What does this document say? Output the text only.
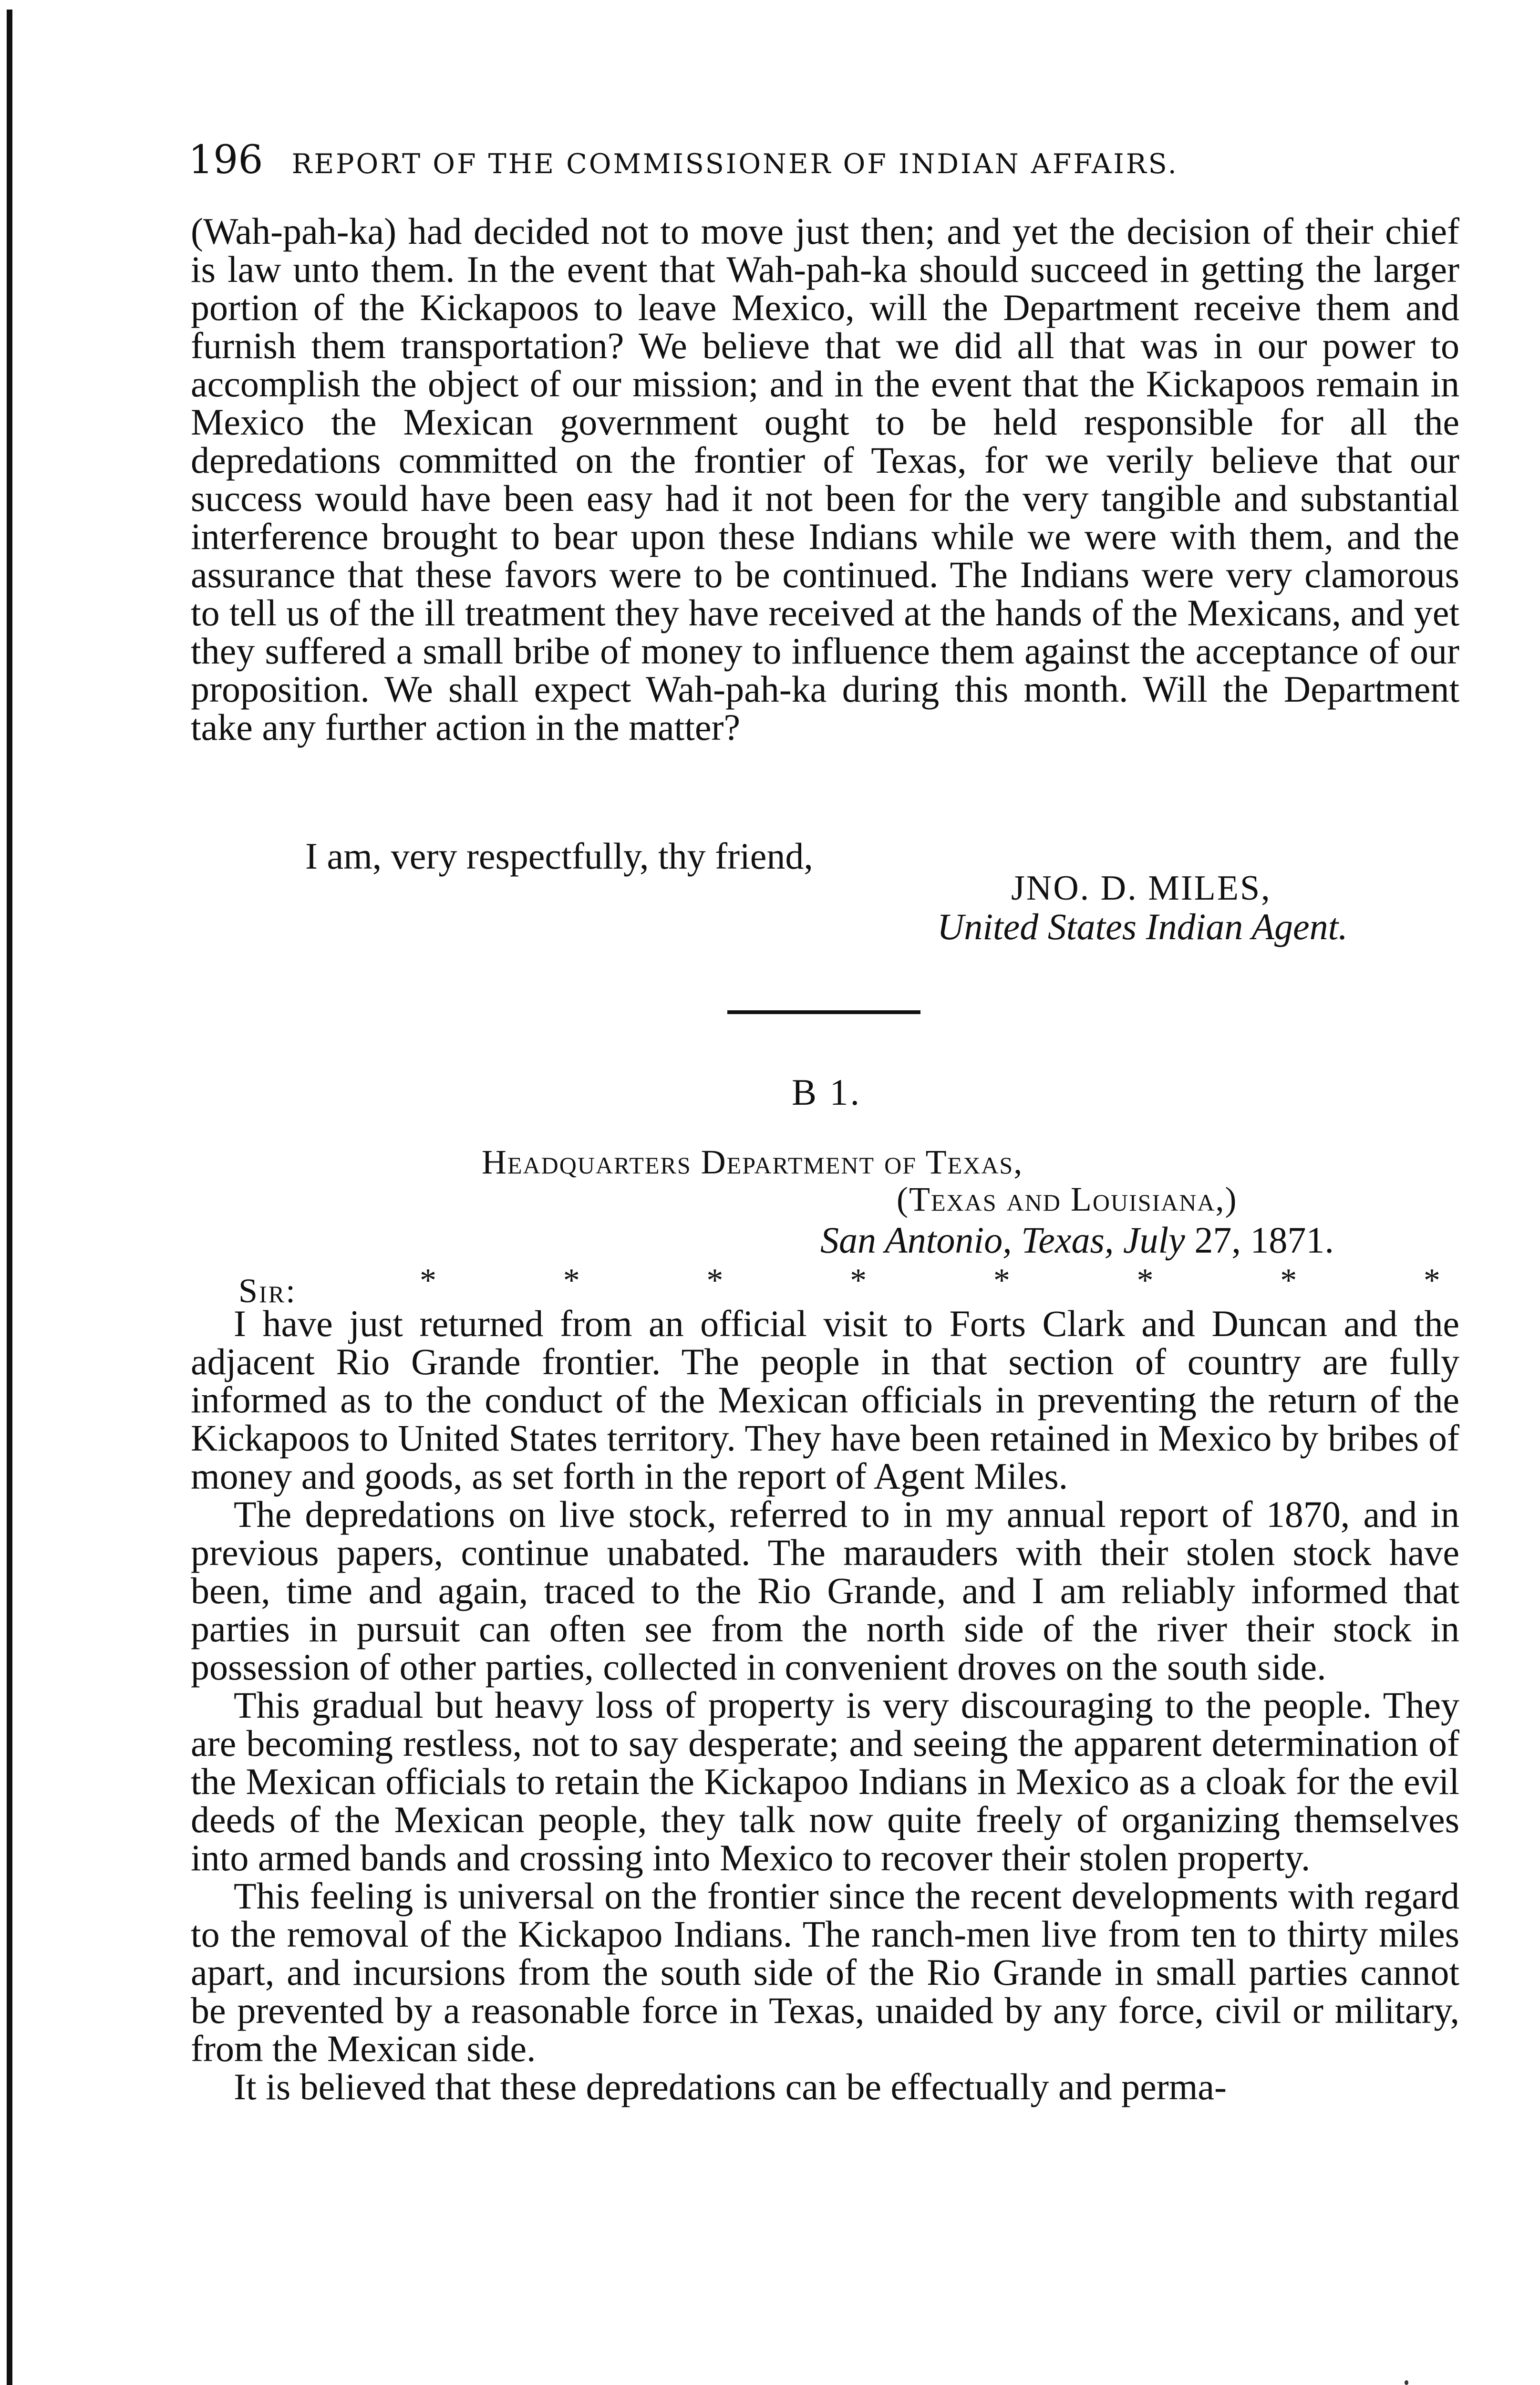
196 REPORT OF THE COMMISSIONER OF INDIAN AFFAIRS.

(Wah-pah-ka) had decided not to move just then; and yet the decision of their chief is law unto them. In the event that Wah-pah-ka should succeed in getting the larger portion of the Kickapoos to leave Mexico, will the Department receive them and furnish them transportation? We believe that we did all that was in our power to accomplish the object of our mission; and in the event that the Kickapoos remain in Mexico the Mexican government ought to be held responsible for all the depredations committed on the frontier of Texas, for we verily believe that our success would have been easy had it not been for the very tangible and substantial interference brought to bear upon these Indians while we were with them, and the assurance that these favors were to be continued. The Indians were very clamorous to tell us of the ill treatment they have received at the hands of the Mexicans, and yet they suffered a small bribe of money to influence them against the acceptance of our proposition. We shall expect Wah-pah-ka during this month. Will the Department take any further action in the matter?

I am, very respectfully, thy friend,
JNO. D. MILES,
United States Indian Agent.
B 1.
Headquarters Department of Texas,
(Texas and Louisiana,)
San Antonio, Texas, July 27, 1871.
Sir:	*	*	*	*	*	*	*	*

I have just returned from an official visit to Forts Clark and Duncan and the adjacent Rio Grande frontier. The people in that section of country are fully informed as to the conduct of the Mexican officials in preventing the return of the Kickapoos to United States territory. They have been retained in Mexico by bribes of money and goods, as set forth in the report of Agent Miles.

The depredations on live stock, referred to in my annual report of 1870, and in previous papers, continue unabated. The marauders with their stolen stock have been, time and again, traced to the Rio Grande, and I am reliably informed that parties in pursuit can often see from the north side of the river their stock in possession of other parties, collected in convenient droves on the south side.

This gradual but heavy loss of property is very discouraging to the people. They are becoming restless, not to say desperate; and seeing the apparent determination of the Mexican officials to retain the Kickapoo Indians in Mexico as a cloak for the evil deeds of the Mexican people, they talk now quite freely of organizing themselves into armed bands and crossing into Mexico to recover their stolen property.

This feeling is universal on the frontier since the recent developments with regard to the removal of the Kickapoo Indians. The ranch-men live from ten to thirty miles apart, and incursions from the south side of the Rio Grande in small parties cannot be prevented by a reasonable force in Texas, unaided by any force, civil or military, from the Mexican side.

It is believed that these depredations can be effectually and perma-
